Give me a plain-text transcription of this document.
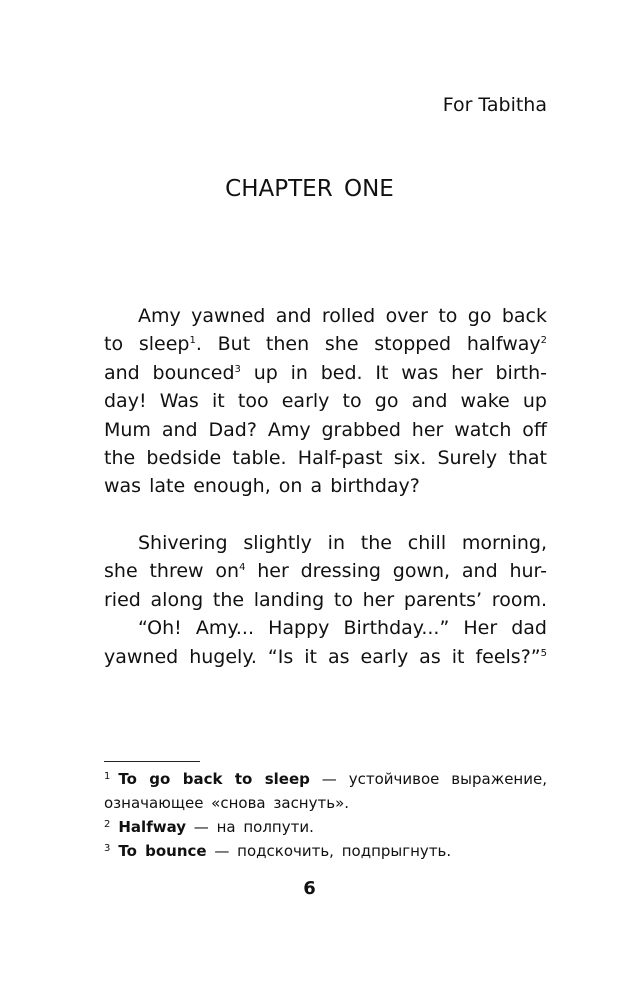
For Tabitha

CHAPTER ONE
Amy yawned and rolled over to go back
to sleep$^1$. But then she stopped halfway$^2$
and bounced$^3$ up in bed. It was her birth-
day! Was it too early to go and wake up
Mum and Dad? Amy grabbed her watch off
the bedside table. Half-past six. Surely that
was late enough, on a birthday?
Shivering slightly in the chill morning,
she threw $on^4$ her dressing gown, and hur-
ried along the landing to her parents’ room.
“Oh! Amy... Happy Birthday...” Her dad
yawned hugely. “Is it as early as it feels?”$^5$
$^1$ To go back to sleep — устойчивое выражение,
означающее «снова заснуть».
$^2$ Halfway — на полпути.
$^3$ To bounce — подскочить, подпрыгнуть.
6
